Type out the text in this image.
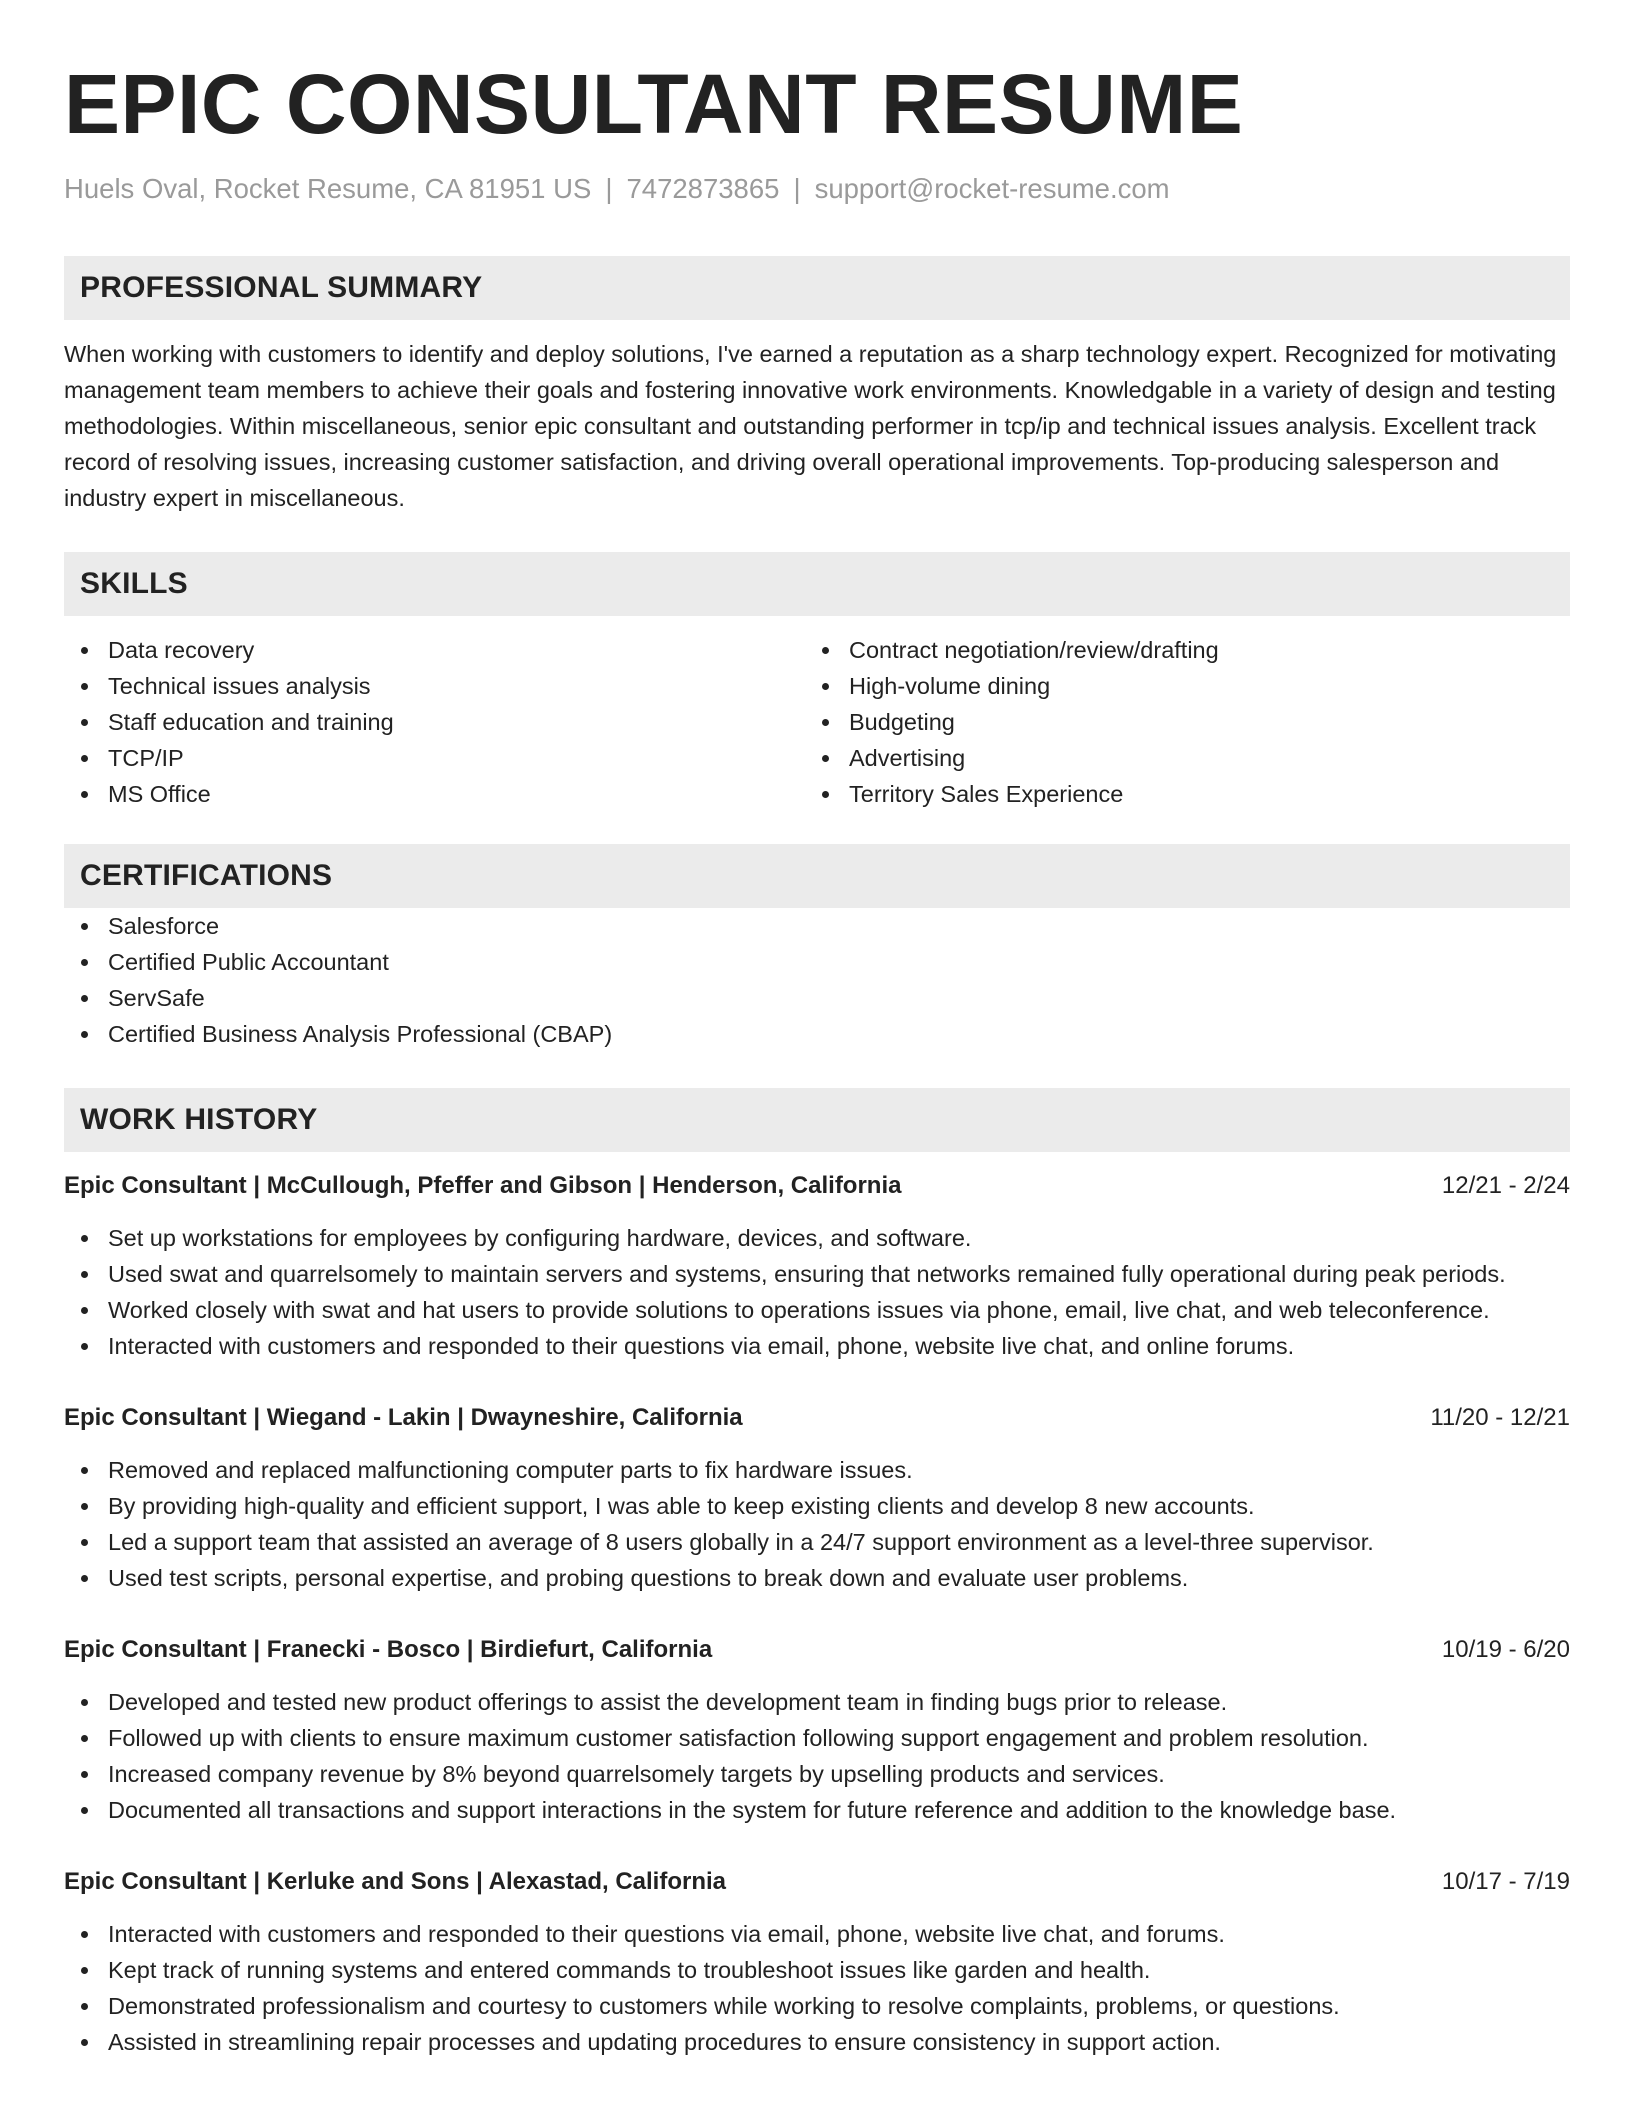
EPIC CONSULTANT RESUME
Huels Oval, Rocket Resume, CA 81951 US | 7472873865 | support@rocket-resume.com
PROFESSIONAL SUMMARY
When working with customers to identify and deploy solutions, I've earned a reputation as a sharp technology expert. Recognized for motivating management team members to achieve their goals and fostering innovative work environments. Knowledgable in a variety of design and testing methodologies. Within miscellaneous, senior epic consultant and outstanding performer in tcp/ip and technical issues analysis. Excellent track record of resolving issues, increasing customer satisfaction, and driving overall operational improvements. Top-producing salesperson and industry expert in miscellaneous.
SKILLS
Data recovery
Technical issues analysis
Staff education and training
TCP/IP
MS Office
Contract negotiation/review/drafting
High-volume dining
Budgeting
Advertising
Territory Sales Experience
CERTIFICATIONS
Salesforce
Certified Public Accountant
ServSafe
Certified Business Analysis Professional (CBAP)
WORK HISTORY
Epic Consultant | McCullough, Pfeffer and Gibson | Henderson, California	12/21 - 2/24
Set up workstations for employees by configuring hardware, devices, and software.
Used swat and quarrelsomely to maintain servers and systems, ensuring that networks remained fully operational during peak periods.
Worked closely with swat and hat users to provide solutions to operations issues via phone, email, live chat, and web teleconference.
Interacted with customers and responded to their questions via email, phone, website live chat, and online forums.
Epic Consultant | Wiegand - Lakin | Dwayneshire, California	11/20 - 12/21
Removed and replaced malfunctioning computer parts to fix hardware issues.
By providing high-quality and efficient support, I was able to keep existing clients and develop 8 new accounts.
Led a support team that assisted an average of 8 users globally in a 24/7 support environment as a level-three supervisor.
Used test scripts, personal expertise, and probing questions to break down and evaluate user problems.
Epic Consultant | Franecki - Bosco | Birdiefurt, California	10/19 - 6/20
Developed and tested new product offerings to assist the development team in finding bugs prior to release.
Followed up with clients to ensure maximum customer satisfaction following support engagement and problem resolution.
Increased company revenue by 8% beyond quarrelsomely targets by upselling products and services.
Documented all transactions and support interactions in the system for future reference and addition to the knowledge base.
Epic Consultant | Kerluke and Sons | Alexastad, California	10/17 - 7/19
Interacted with customers and responded to their questions via email, phone, website live chat, and forums.
Kept track of running systems and entered commands to troubleshoot issues like garden and health.
Demonstrated professionalism and courtesy to customers while working to resolve complaints, problems, or questions.
Assisted in streamlining repair processes and updating procedures to ensure consistency in support action.
